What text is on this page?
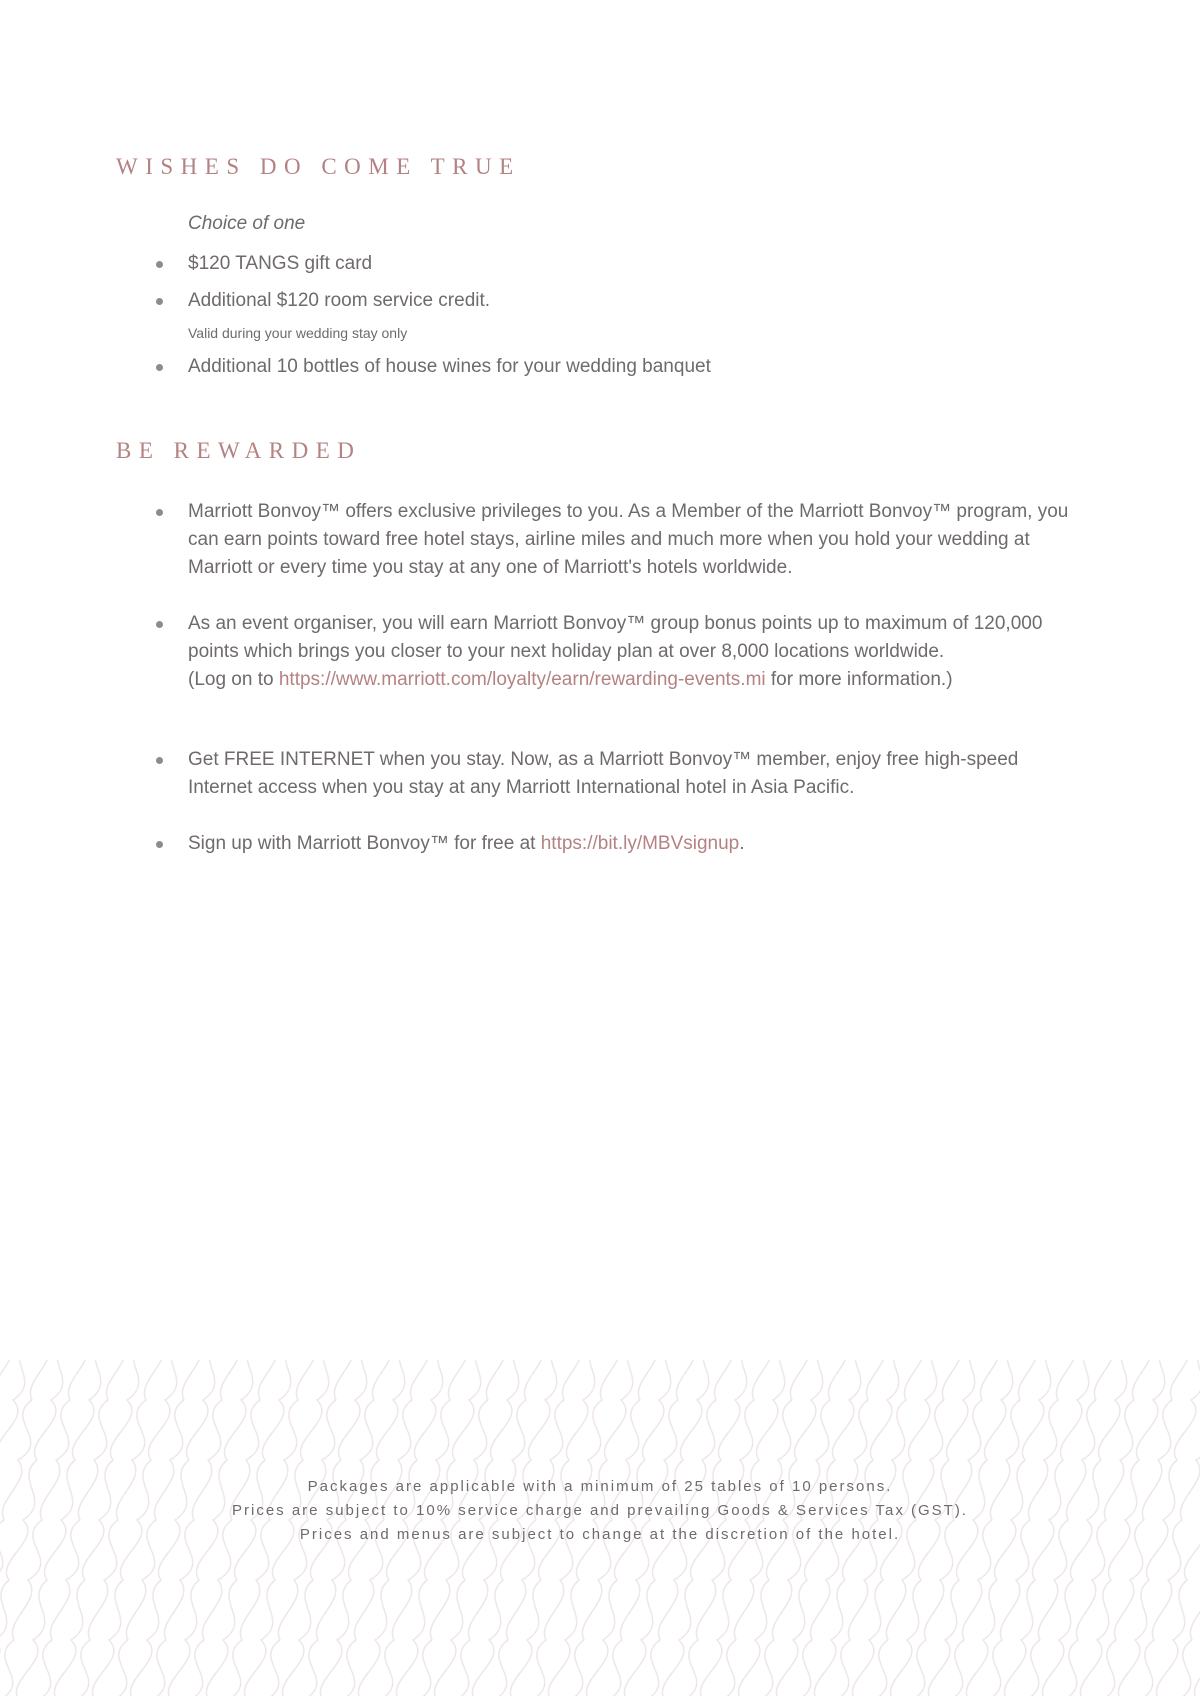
WISHES DO COME TRUE
Choice of one
$120 TANGS gift card
Additional $120 room service credit.
Valid during your wedding stay only
Additional 10 bottles of house wines for your wedding banquet
BE REWARDED
Marriott Bonvoy™ offers exclusive privileges to you. As a Member of the Marriott Bonvoy™ program, you can earn points toward free hotel stays, airline miles and much more when you hold your wedding at Marriott or every time you stay at any one of Marriott's hotels worldwide.
As an event organiser, you will earn Marriott Bonvoy™ group bonus points up to maximum of 120,000 points which brings you closer to your next holiday plan at over 8,000 locations worldwide.
(Log on to https://www.marriott.com/loyalty/earn/rewarding-events.mi for more information.)
Get FREE INTERNET when you stay. Now, as a Marriott Bonvoy™ member, enjoy free high-speed Internet access when you stay at any Marriott International hotel in Asia Pacific.
Sign up with Marriott Bonvoy™ for free at https://bit.ly/MBVsignup.
Packages are applicable with a minimum of 25 tables of 10 persons.
Prices are subject to 10% service charge and prevailing Goods & Services Tax (GST).
Prices and menus are subject to change at the discretion of the hotel.
